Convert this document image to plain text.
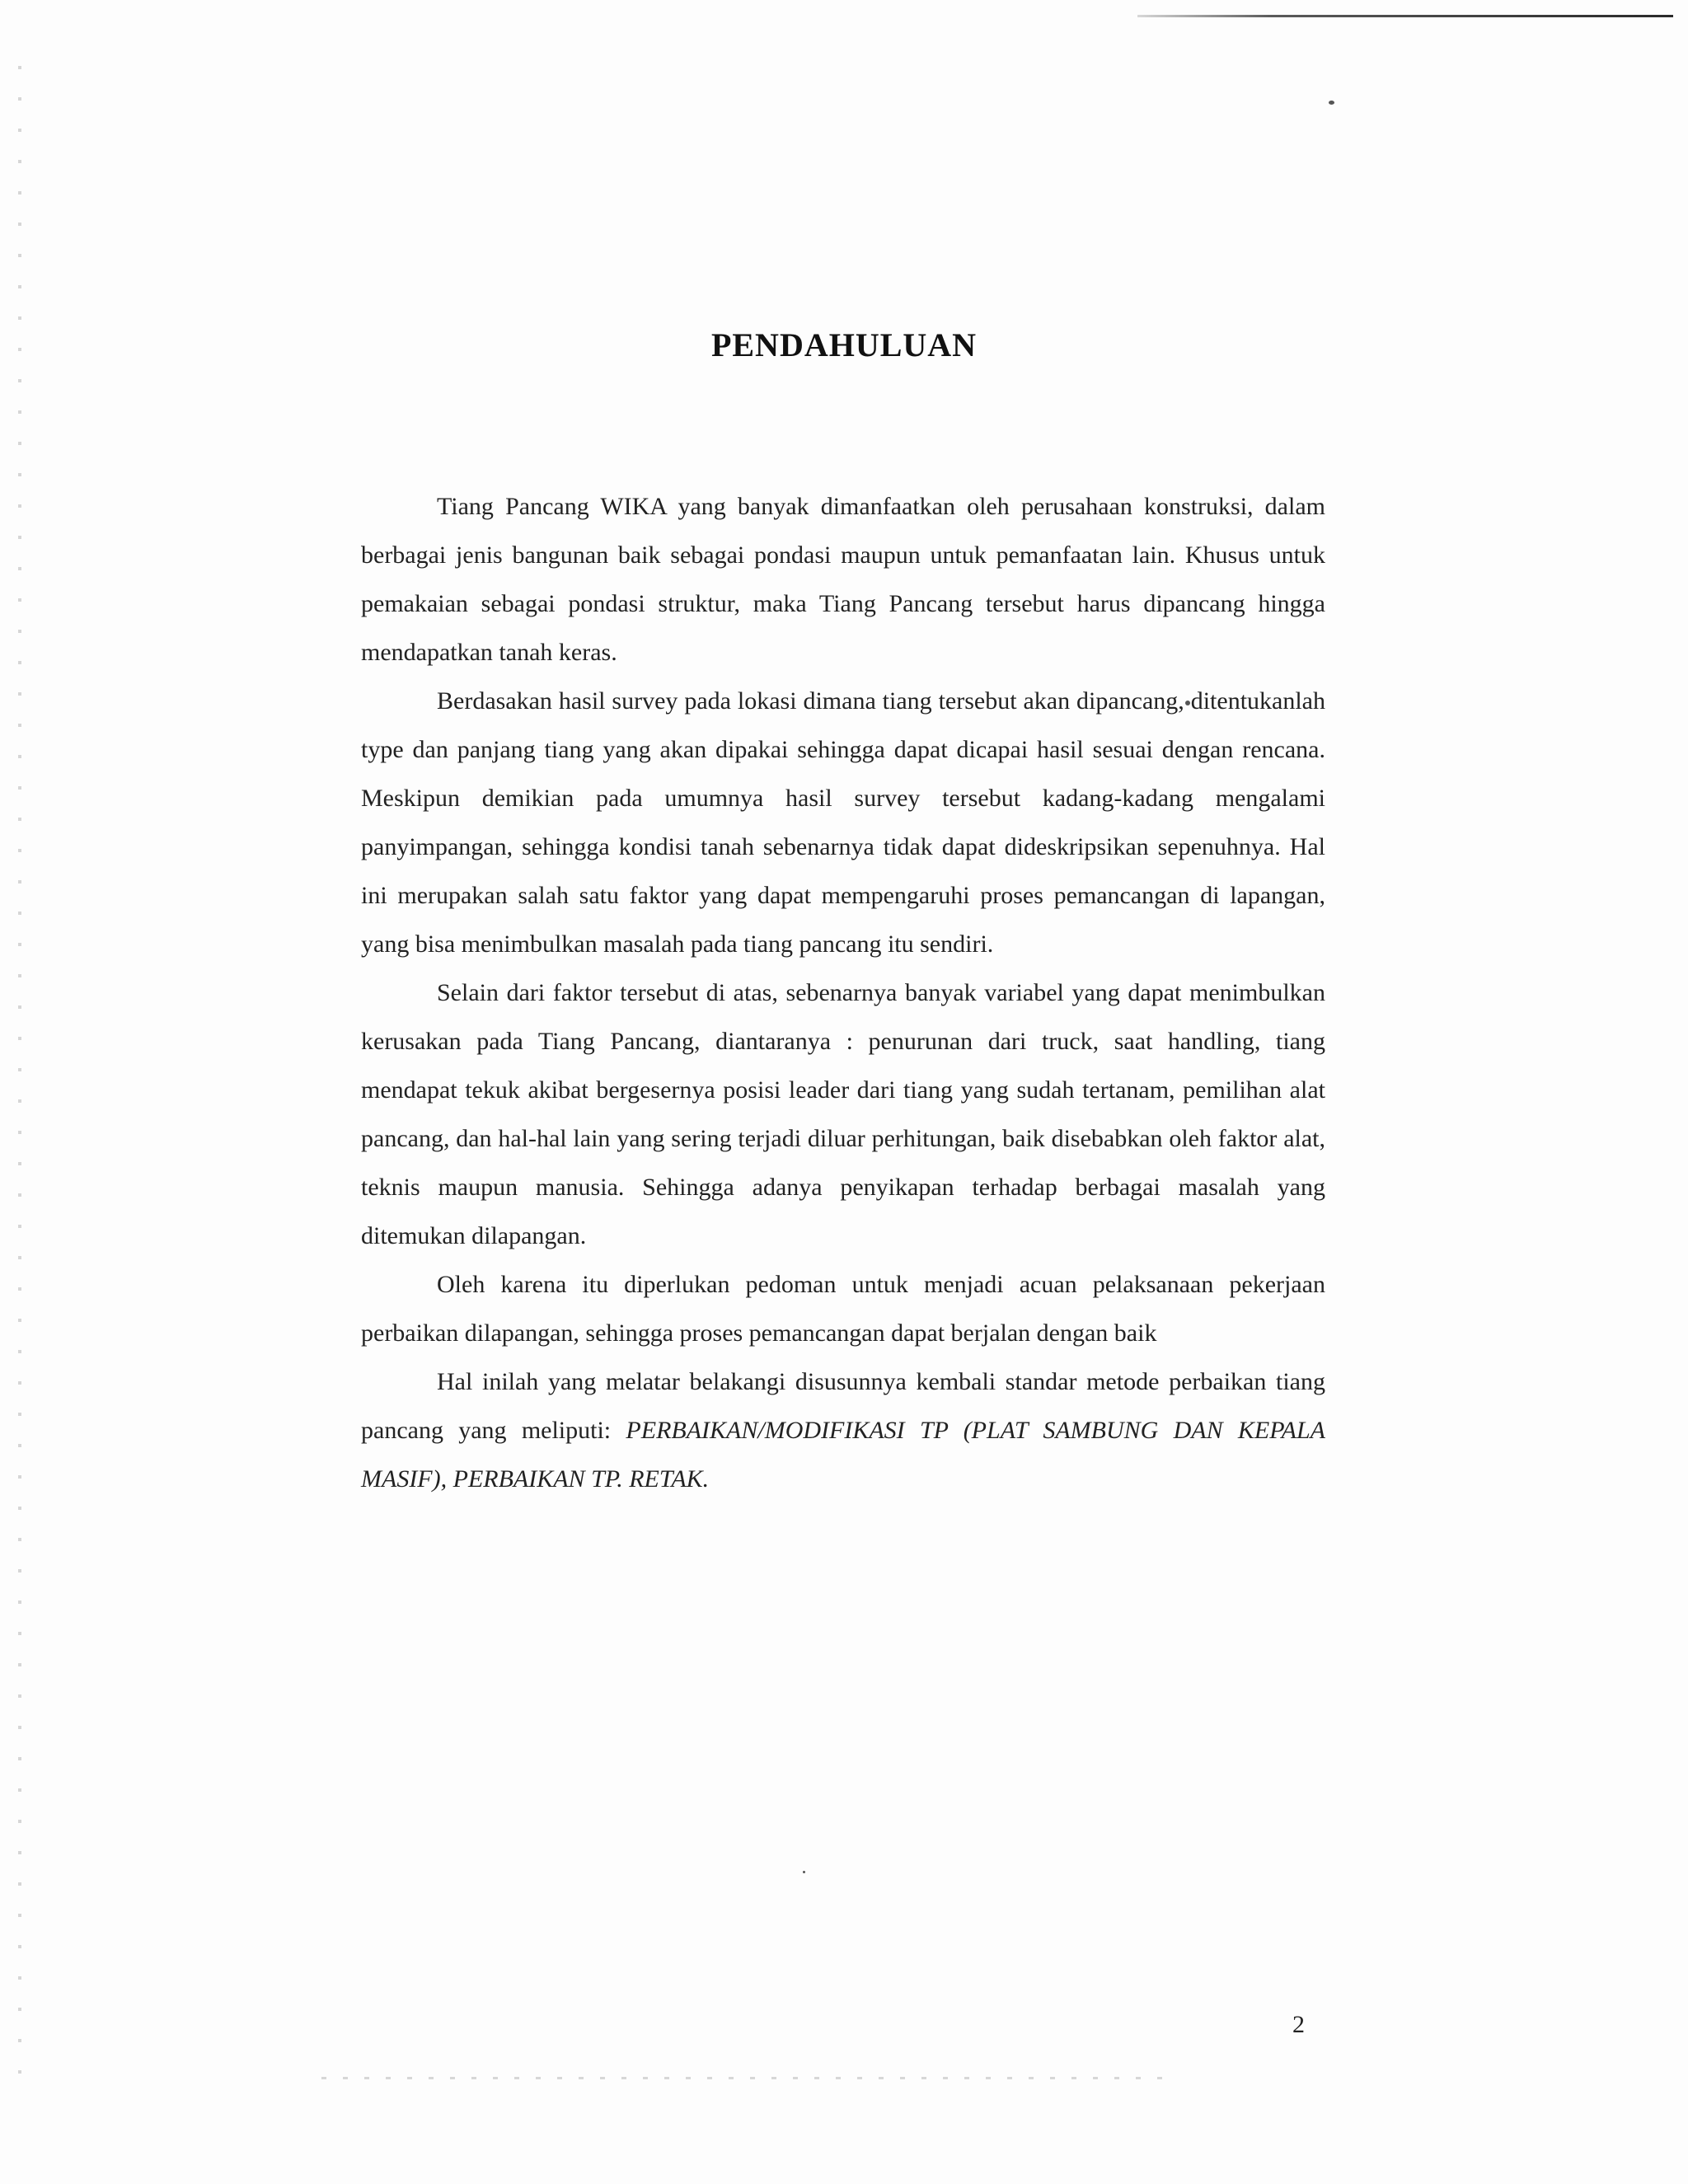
PENDAHULUAN

Tiang Pancang WIKA yang banyak dimanfaatkan oleh perusahaan konstruksi, dalam berbagai jenis bangunan baik sebagai pondasi maupun untuk pemanfaatan lain. Khusus untuk pemakaian sebagai pondasi struktur, maka Tiang Pancang tersebut harus dipancang hingga mendapatkan tanah keras.

Berdasakan hasil survey pada lokasi dimana tiang tersebut akan dipancang, ditentukanlah type dan panjang tiang yang akan dipakai sehingga dapat dicapai hasil sesuai dengan rencana. Meskipun demikian pada umumnya hasil survey tersebut kadang-kadang mengalami panyimpangan, sehingga kondisi tanah sebenarnya tidak dapat dideskripsikan sepenuhnya. Hal ini merupakan salah satu faktor yang dapat mempengaruhi proses pemancangan di lapangan, yang bisa menimbulkan masalah pada tiang pancang itu sendiri.

Selain dari faktor tersebut di atas, sebenarnya banyak variabel yang dapat menimbulkan kerusakan pada Tiang Pancang, diantaranya : penurunan dari truck, saat handling, tiang mendapat tekuk akibat bergesernya posisi leader dari tiang yang sudah tertanam, pemilihan alat pancang, dan hal-hal lain yang sering terjadi diluar perhitungan, baik disebabkan oleh faktor alat, teknis maupun manusia. Sehingga adanya penyikapan terhadap berbagai masalah yang ditemukan dilapangan.

Oleh karena itu diperlukan pedoman untuk menjadi acuan pelaksanaan pekerjaan perbaikan dilapangan, sehingga proses pemancangan dapat berjalan dengan baik

Hal inilah yang melatar belakangi disusunnya kembali standar metode perbaikan tiang pancang yang meliputi: PERBAIKAN/MODIFIKASI TP (PLAT SAMBUNG DAN KEPALA MASIF), PERBAIKAN TP. RETAK.

2
